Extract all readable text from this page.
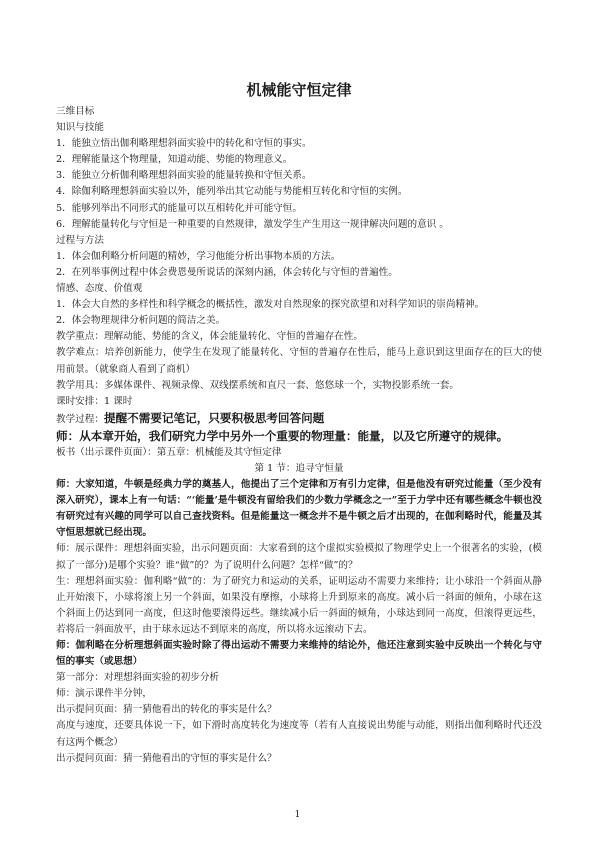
机械能守恒定律
三维目标
知识与技能
1．能独立悟出伽利略理想斜面实验中的转化和守恒的事实。
2．理解能量这个物理量，知道动能、势能的物理意义。
3．能独立分析伽利略理想斜面实验的能量转换和守恒关系。
4．除伽利略理想斜面实验以外，能列举出其它动能与势能相互转化和守恒的实例。
5．能够列举出不同形式的能量可以互相转化并可能守恒。
6．理解能量转化与守恒是一种重要的自然规律，激发学生产生用这一规律解决问题的意识 。
过程与方法
1．体会伽利略分析问题的精妙，学习他能分析出事物本质的方法。
2．在列举事例过程中体会费恩曼所说话的深刻内涵，体会转化与守恒的普遍性。
情感、态度、价值观
1．体会大自然的多样性和科学概念的概括性，激发对自然现象的探究欲望和对科学知识的崇尚精神。
2．体会物理规律分析问题的简洁之美。
教学重点：理解动能、势能的含义，体会能量转化、守恒的普遍存在性。
教学难点：培养创新能力，使学生在发现了能量转化、守恒的普遍存在性后，能马上意识到这里面存在的巨大的使用前景。（就象商人看到了商机）
教学用具：多媒体课件、视频录像、双线摆系统和直尺一套、悠悠球一个，实物投影系统一套。
课时安排：1 课时
教学过程：提醒不需要记笔记，只要积极思考回答问题
师：从本章开始，我们研究力学中另外一个重要的物理量：能量，以及它所遵守的规律。
板书（出示课件页面）：第五章：机械能及其守恒定律
第 1 节：追寻守恒量
师：大家知道，牛顿是经典力学的奠基人，他提出了三个定律和万有引力定律，但是他没有研究过能量（至少没有深入研究），课本上有一句话：“‘能量’是牛顿没有留给我们的少数力学概念之一”至于力学中还有哪些概念牛顿也没有研究过有兴趣的同学可以自己查找资料。但是能量这一概念并不是牛顿之后才出现的，在伽利略时代，能量及其守恒思想就已经出现。
师：展示课件：理想斜面实验，出示问题页面：大家看到的这个虚拟实验模拟了物理学史上一个很著名的实验，(模拟了一部分)是哪个实验？谁“做”的？为了说明什么问题？怎样“做”的？
生：理想斜面实验：伽利略“做”的：为了研究力和运动的关系，证明运动不需要力来维持；让小球沿一个斜面从静止开始滚下，小球将滚上另一个斜面，如果没有摩擦，小球将上升到原来的高度。减小后一斜面的倾角，小球在这个斜面上仍达到同一高度，但这时他要滚得远些。继续减小后一斜面的倾角，小球达到同一高度，但滚得更远些，若将后一斜面放平，由于球永远达不到原来的高度，所以将永远滚动下去。
师：伽利略在分析理想斜面实验时除了得出运动不需要力来维持的结论外，他还注意到实验中反映出一个转化与守恒的事实（或思想）
第一部分：对理想斜面实验的初步分析
师：演示课件半分钟，
出示提问页面：猜一猜他看出的转化的事实是什么？
高度与速度，还要具体说一下，如下滑时高度转化为速度等（若有人直接说出势能与动能，则指出伽利略时代还没有这两个概念）
出示提问页面：猜一猜他看出的守恒的事实是什么？
1
